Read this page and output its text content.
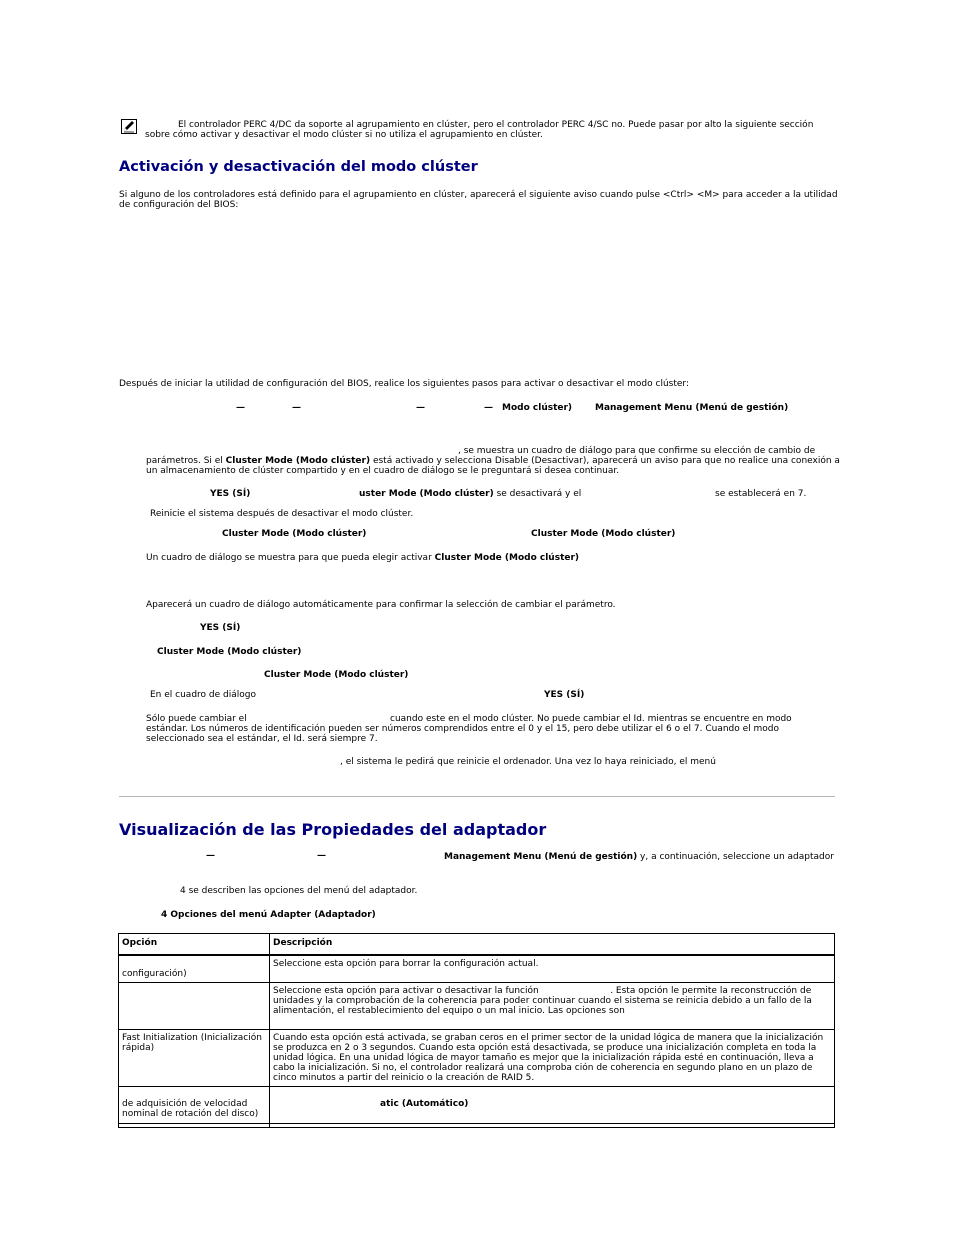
El controlador PERC 4/DC da soporte al agrupamiento en clúster, pero el controlador PERC 4/SC no. Puede pasar por alto la siguiente sección
sobre cómo activar y desactivar el modo clúster si no utiliza el agrupamiento en clúster.
Activación y desactivación del modo clúster
Si alguno de los controladores está definido para el agrupamiento en clúster, aparecerá el siguiente aviso cuando pulse <Ctrl> <M> para acceder a la utilidad
de configuración del BIOS:
Después de iniciar la utilidad de configuración del BIOS, realice los siguientes pasos para activar o desactivar el modo clúster:
—	—	—	— Modo clúster)	Management Menu (Menú de gestión)
, se muestra un cuadro de diálogo para que confirme su elección de cambio de
parámetros. Si el Cluster Mode (Modo clúster) está activado y selecciona Disable (Desactivar), aparecerá un aviso para que no realice una conexión a
un almacenamiento de clúster compartido y en el cuadro de diálogo se le preguntará si desea continuar.
YES (SÍ)	uster Mode (Modo clúster) se desactivará y el	se establecerá en 7.
Reinicie el sistema después de desactivar el modo clúster.
Cluster Mode (Modo clúster)	Cluster Mode (Modo clúster)
Un cuadro de diálogo se muestra para que pueda elegir activar Cluster Mode (Modo clúster)
Aparecerá un cuadro de diálogo automáticamente para confirmar la selección de cambiar el parámetro.
YES (SÍ)
Cluster Mode (Modo clúster)
Cluster Mode (Modo clúster)
En el cuadro de diálogo	YES (SÍ)
Sólo puede cambiar el	cuando este en el modo clúster. No puede cambiar el Id. mientras se encuentre en modo
estándar. Los números de identificación pueden ser números comprendidos entre el 0 y el 15, pero debe utilizar el 6 o el 7. Cuando el modo
seleccionado sea el estándar, el Id. será siempre 7.
, el sistema le pedirá que reinicie el ordenador. Una vez lo haya reiniciado, el menú
Visualización de las Propiedades del adaptador
—	—	Management Menu (Menú de gestión) y, a continuación, seleccione un adaptador
4 se describen las opciones del menú del adaptador.
4 Opciones del menú Adapter (Adaptador)
Opción	Descripción
configuración)	Seleccione esta opción para borrar la configuración actual.
	Seleccione esta opción para activar o desactivar la función                         . Esta opción le permite la reconstrucción de unidades y la comprobación de la coherencia para poder continuar cuando el sistema se reinicia debido a un fallo de la alimentación, el restablecimiento del equipo o un mal inicio. Las opciones son
Fast Initialization (Inicialización rápida)	Cuando esta opción está activada, se graban ceros en el primer sector de la unidad lógica de manera que la inicialización se produzca en 2 o 3 segundos. Cuando esta opción está desactivada, se produce una inicialización completa en toda la unidad lógica. En una unidad lógica de mayor tamaño es mejor que la inicialización rápida esté en continuación, lleva a cabo la inicialización. Si no, el controlador realizará una comproba ción de coherencia en segundo plano en un plazo de cinco minutos a partir del reinicio o la creación de RAID 5.
de adquisición de velocidad nominal de rotación del disco)	atic (Automático)
